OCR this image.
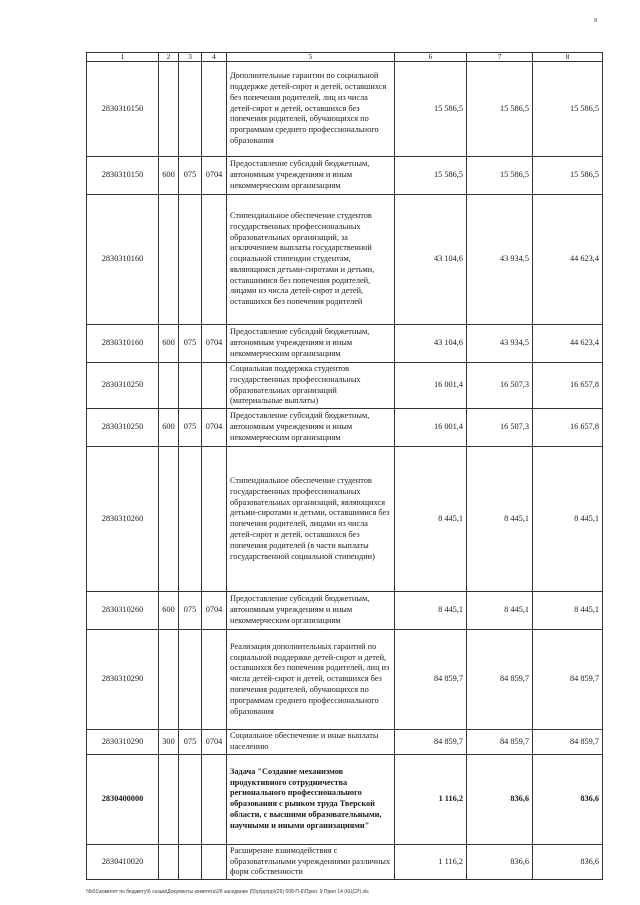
9
1	2	3	4	5	6	7	8
2830310150				Дополнительные гарантии по социальной поддержке детей-сирот и детей, оставшихся без попечения родителей, лиц из числа детей-сирот и детей, оставшихся без попечения родителей, обучающихся по программам среднего профессионального образования	15 586,5	15 586,5	15 586,5
2830310150	600	075	0704	Предоставление субсидий бюджетным, автономным учреждениям и иным некоммерческим организациям	15 586,5	15 586,5	15 586,5
2830310160				Стипендиальное обеспечение студентов государственных профессиональных образовательных организаций, за исключением выплаты государственной социальной стипендии студентам, являющимся детьми-сиротами и детьми, оставшимися без попечения родителей, лицами из числа детей-сирот и детей, оставшихся без попечения родителей	43 104,6	43 934,5	44 623,4
2830310160	600	075	0704	Предоставление субсидий бюджетным, автономным учреждениям и иным некоммерческим организациям	43 104,6	43 934,5	44 623,4
2830310250				Социальная поддержка студентов государственных профессиональных образовательных организаций (материальные выплаты)	16 001,4	16 507,3	16 657,8
2830310250	600	075	0704	Предоставление субсидий бюджетным, автономным учреждениям и иным некоммерческим организациям	16 001,4	16 507,3	16 657,8
2830310260				Стипендиальное обеспечение студентов государственных профессиональных образовательных организаций, являющихся детьми-сиротами и детьми, оставшимися без попечения родителей, лицами из числа детей-сирот и детей, оставшихся без попечения родителей (в части выплаты государственной социальной стипендии)	8 445,1	8 445,1	8 445,1
2830310260	600	075	0704	Предоставление субсидий бюджетным, автономным учреждениям и иным некоммерческим организациям	8 445,1	8 445,1	8 445,1
2830310290				Реализация дополнительных гарантий по социальной поддержке детей-сирот и детей, оставшихся без попечения родителей, лиц из числа детей-сирот и детей, оставшихся без попечения родителей, обучающихся по программам среднего профессионального образования	84 859,7	84 859,7	84 859,7
2830310290	300	075	0704	Социальное обеспечение и иные выплаты населению	84 859,7	84 859,7	84 859,7
2830400000				Задача "Создание механизмов продуктивного сотрудничества регионального профессионального образования с рынком труда Тверской области, с высшими образовательными, научными и иными организациями"	1 116,2	836,6	836,6
2830410020				Расширение взаимодействия с образовательными учреждениями различных форм собственности	1 116,2	836,6	836,6
\\fs01\комитет по бюджету\6 созыв\Документы комитета\26 заседание (5)\р\рр\рр\(26) 508-П-6\Прил. 9 Прил 14 (КЦСР).xls
